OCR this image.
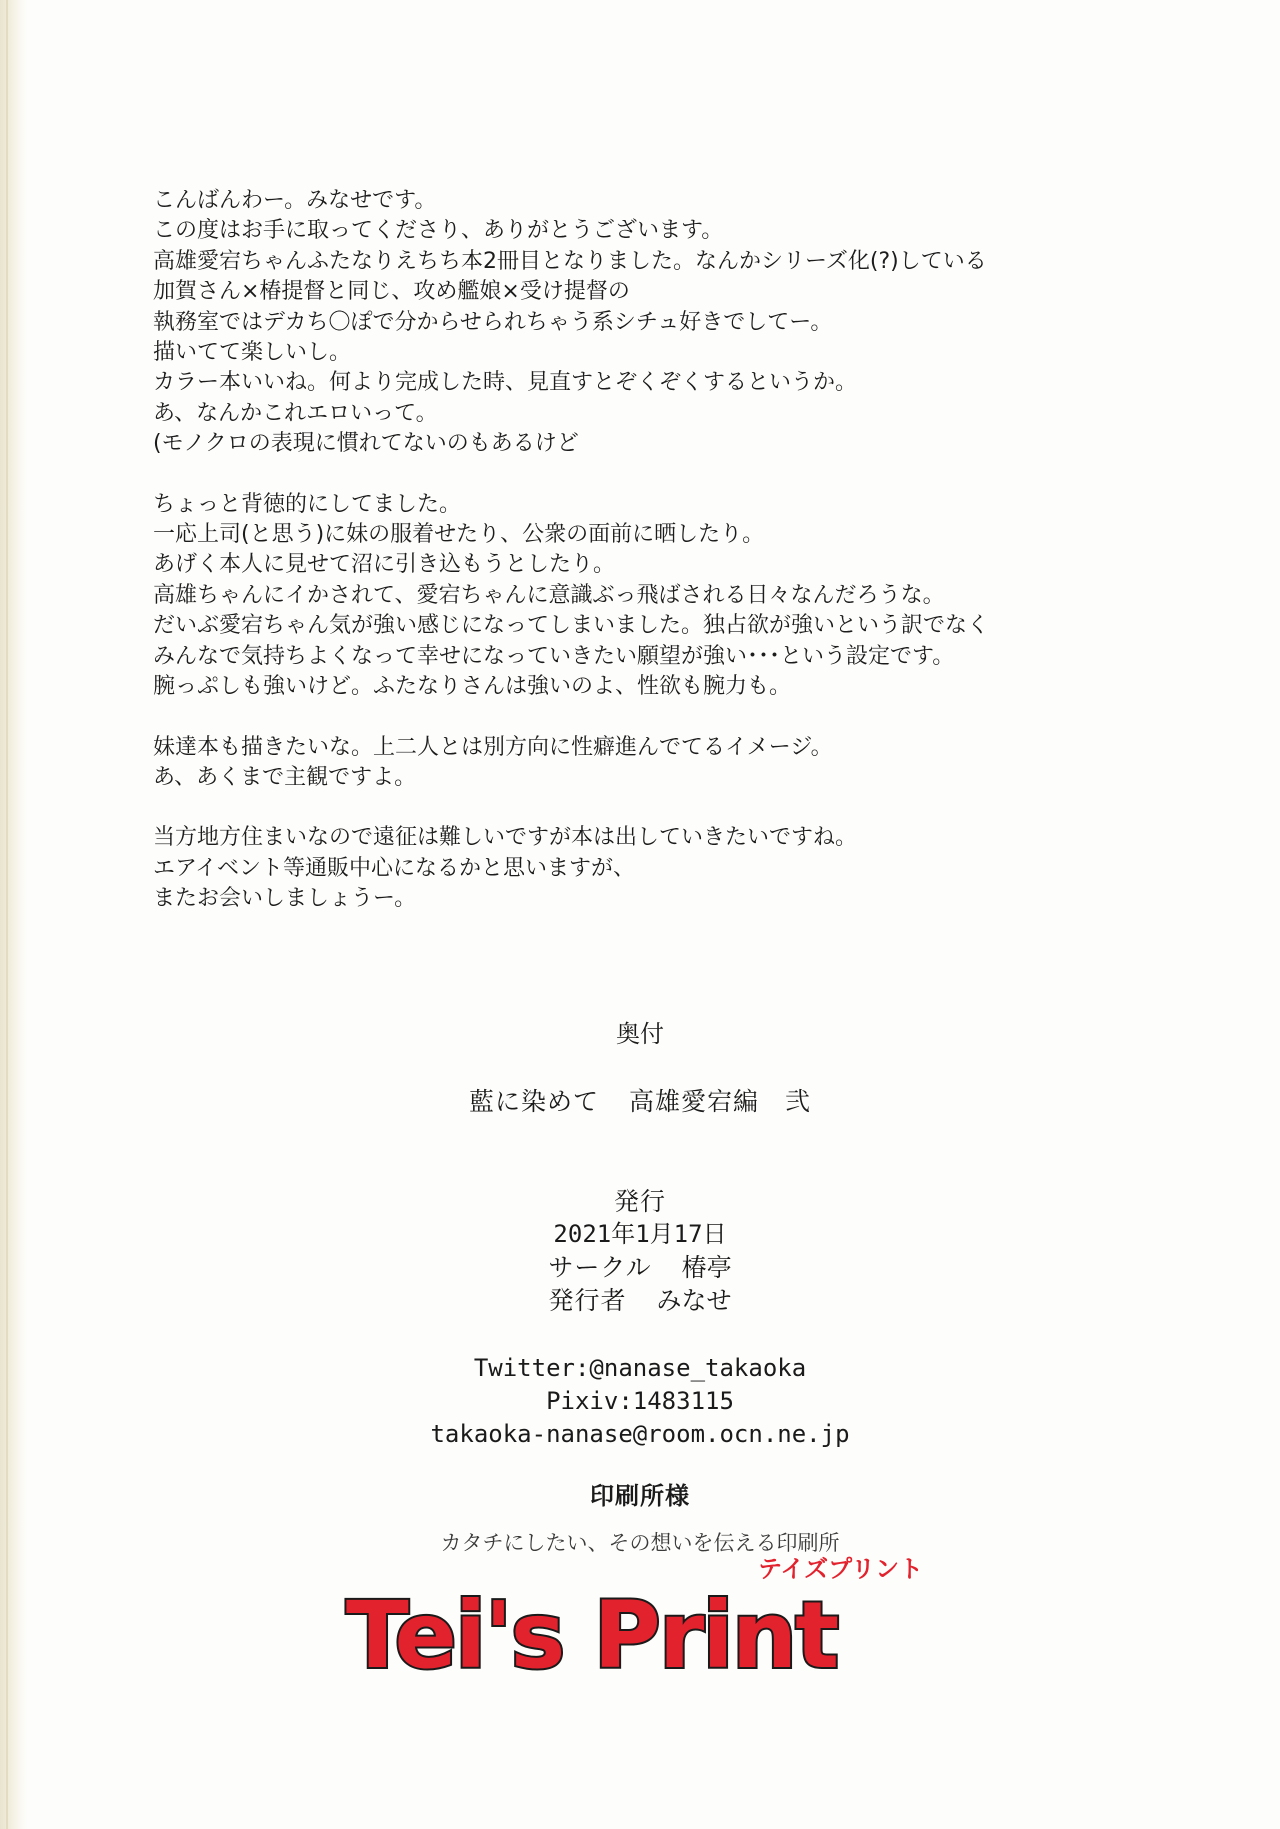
こんばんわー。みなせです。
この度はお手に取ってくださり、ありがとうございます。
高雄愛宕ちゃんふたなりえちち本2冊目となりました。なんかシリーズ化(?)している
加賀さん×椿提督と同じ、攻め艦娘×受け提督の
執務室ではデカち〇ぽで分からせられちゃう系シチュ好きでしてー。
描いてて楽しいし。
カラー本いいね。何より完成した時、見直すとぞくぞくするというか。
あ、なんかこれエロいって。
(モノクロの表現に慣れてないのもあるけど
ちょっと背徳的にしてました。
一応上司(と思う)に妹の服着せたり、公衆の面前に晒したり。
あげく本人に見せて沼に引き込もうとしたり。
高雄ちゃんにイかされて、愛宕ちゃんに意識ぶっ飛ばされる日々なんだろうな。
だいぶ愛宕ちゃん気が強い感じになってしまいました。独占欲が強いという訳でなく
みんなで気持ちよくなって幸せになっていきたい願望が強い･･･という設定です。
腕っぷしも強いけど。ふたなりさんは強いのよ、性欲も腕力も。
妹達本も描きたいな。上二人とは別方向に性癖進んでてるイメージ。
あ、あくまで主観ですよ。
当方地方住まいなので遠征は難しいですが本は出していきたいですね。
エアイベント等通販中心になるかと思いますが、
またお会いしましょうー。
奥付
藍に染めて 高雄愛宕編 弐
発行
2021年1月17日
サークル 椿亭
発行者 みなせ
Twitter:@nanase_takaoka
Pixiv:1483115
takaoka-nanase@room.ocn.ne.jp
印刷所様
カタチにしたい、その想いを伝える印刷所
テイズプリント
Tei's Print
